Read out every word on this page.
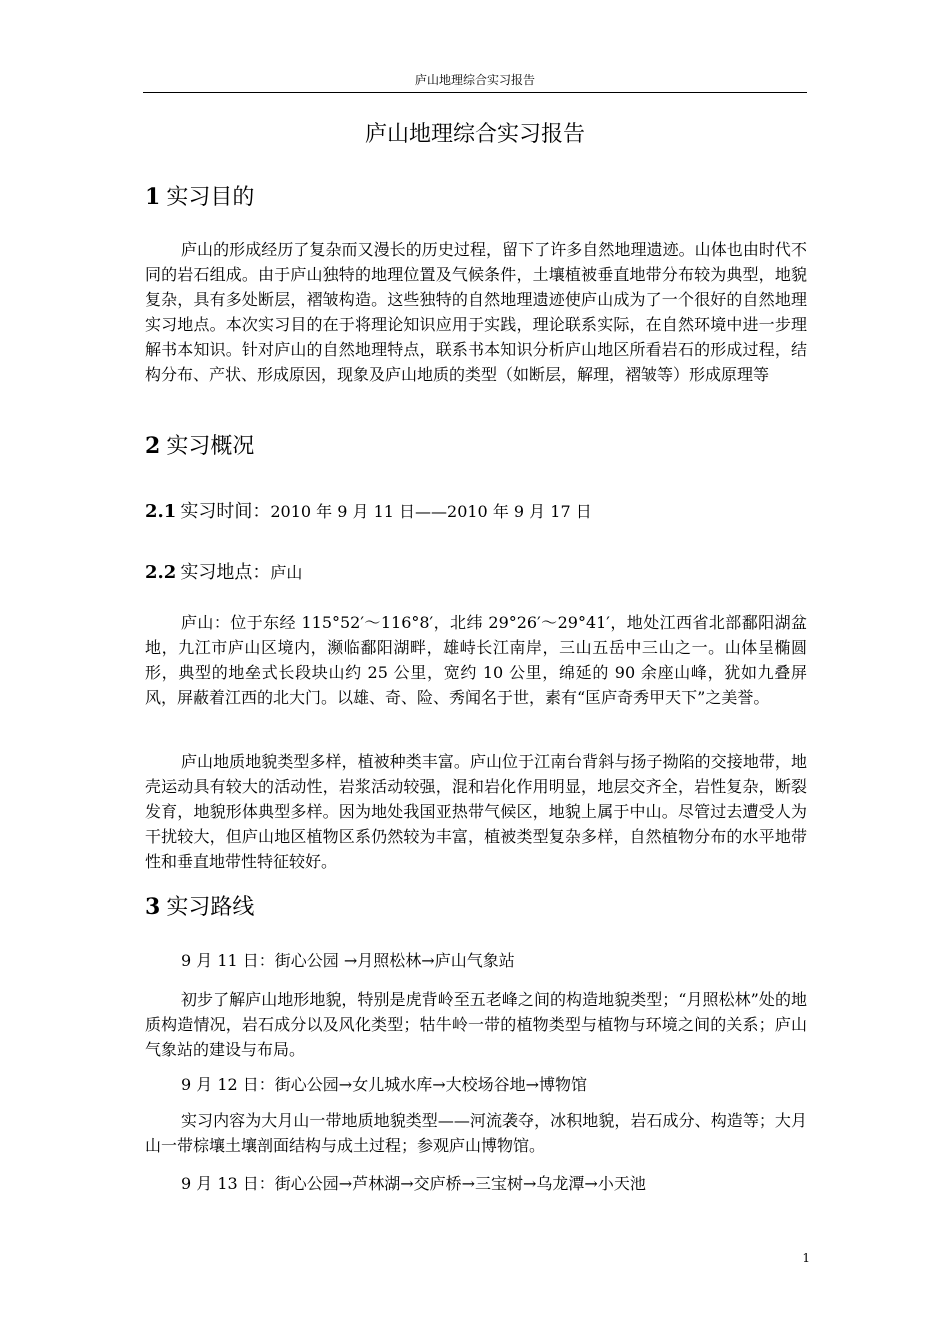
庐山地理综合实习报告
庐山地理综合实习报告
1 实习目的
庐山的形成经历了复杂而又漫长的历史过程，留下了许多自然地理遗迹。山体也由时代不同的岩石组成。由于庐山独特的地理位置及气候条件，土壤植被垂直地带分布较为典型，地貌复杂，具有多处断层，褶皱构造。这些独特的自然地理遗迹使庐山成为了一个很好的自然地理实习地点。本次实习目的在于将理论知识应用于实践，理论联系实际，在自然环境中进一步理解书本知识。针对庐山的自然地理特点，联系书本知识分析庐山地区所看岩石的形成过程，结构分布、产状、形成原因，现象及庐山地质的类型（如断层，解理，褶皱等）形成原理等
2 实习概况
2.1 实习时间：2010 年 9 月 11 日——2010 年 9 月 17 日
2.2 实习地点：庐山
庐山：位于东经 115°52′～116°8′，北纬 29°26′～29°41′，地处江西省北部鄱阳湖盆地，九江市庐山区境内，濒临鄱阳湖畔，雄峙长江南岸，三山五岳中三山之一。山体呈椭圆形，典型的地垒式长段块山约 25 公里，宽约 10 公里，绵延的 90 余座山峰，犹如九叠屏风，屏蔽着江西的北大门。以雄、奇、险、秀闻名于世，素有“匡庐奇秀甲天下”之美誉。
庐山地质地貌类型多样，植被种类丰富。庐山位于江南台背斜与扬子拗陷的交接地带，地壳运动具有较大的活动性，岩浆活动较强，混和岩化作用明显，地层交齐全，岩性复杂，断裂发育，地貌形体典型多样。因为地处我国亚热带气候区，地貌上属于中山。尽管过去遭受人为干扰较大，但庐山地区植物区系仍然较为丰富，植被类型复杂多样，自然植物分布的水平地带性和垂直地带性特征较好。
3 实习路线
9 月 11 日：街心公园 →月照松林→庐山气象站
初步了解庐山地形地貌，特别是虎背岭至五老峰之间的构造地貌类型；“月照松林”处的地质构造情况，岩石成分以及风化类型；牯牛岭一带的植物类型与植物与环境之间的关系；庐山气象站的建设与布局。
9 月 12 日：街心公园→女儿城水库→大校场谷地→博物馆
实习内容为大月山一带地质地貌类型——河流袭夺，冰积地貌，岩石成分、构造等；大月山一带棕壤土壤剖面结构与成土过程；参观庐山博物馆。
9 月 13 日：街心公园→芦林湖→交庐桥→三宝树→乌龙潭→小天池
1
